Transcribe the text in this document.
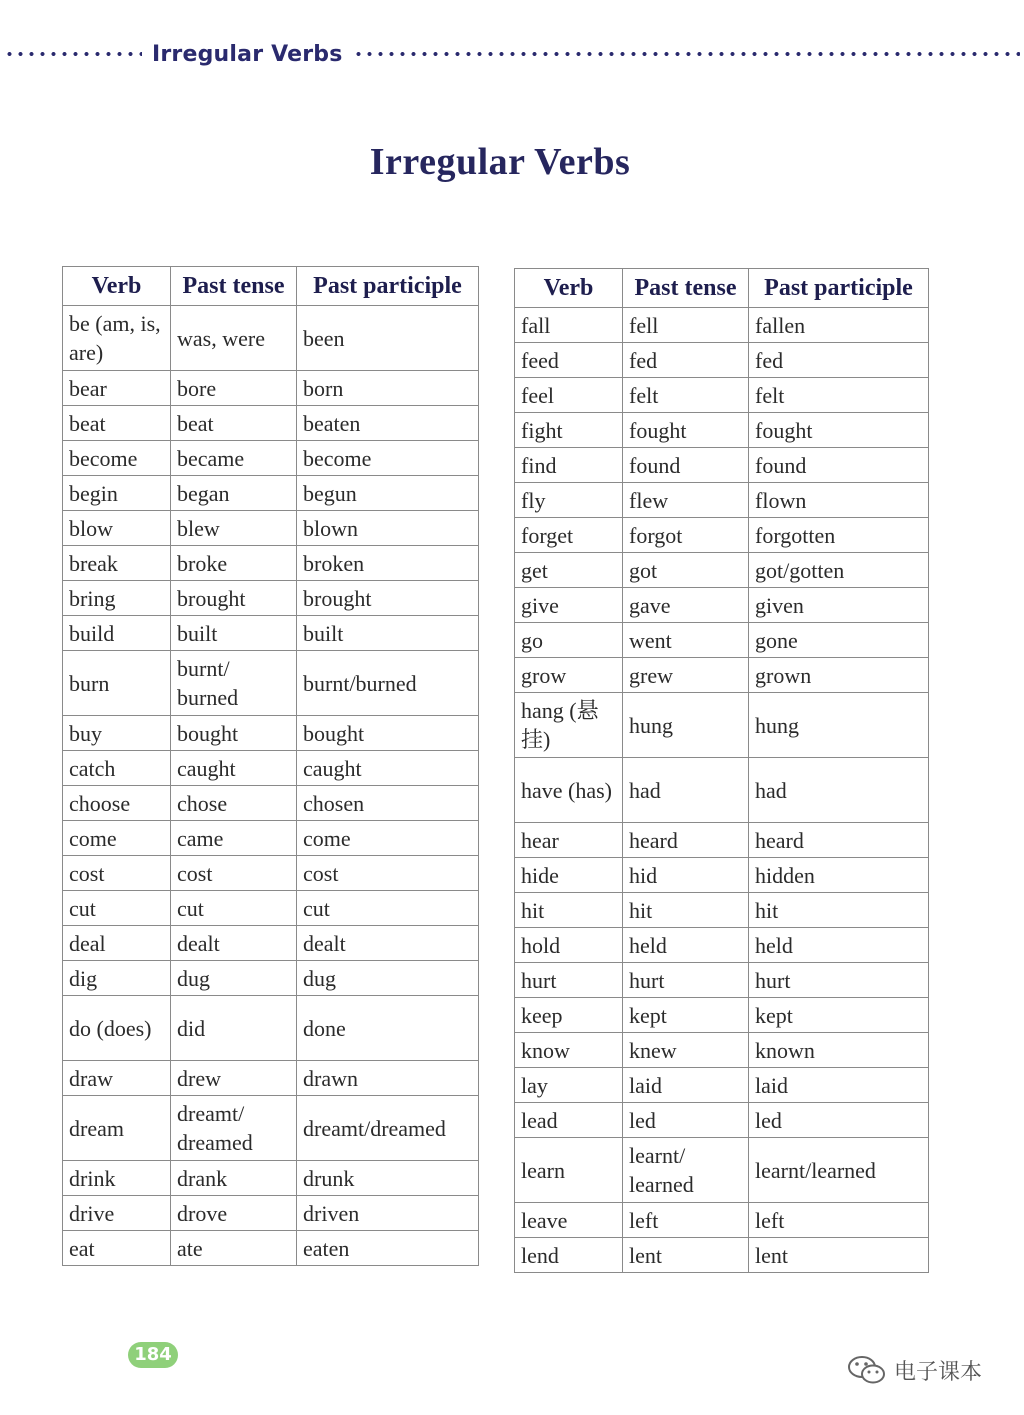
Irregular Verbs
Irregular Verbs
Verb	Past tense	Past participle
be (am, is, are)	was, were	been
bear	bore	born
beat	beat	beaten
become	became	become
begin	began	begun
blow	blew	blown
break	broke	broken
bring	brought	brought
build	built	built
burn	burnt/ burned	burnt/burned
buy	bought	bought
catch	caught	caught
choose	chose	chosen
come	came	come
cost	cost	cost
cut	cut	cut
deal	dealt	dealt
dig	dug	dug
do (does)	did	done
draw	drew	drawn
dream	dreamt/ dreamed	dreamt/dreamed
drink	drank	drunk
drive	drove	driven
eat	ate	eaten
Verb	Past tense	Past participle
fall	fell	fallen
feed	fed	fed
feel	felt	felt
fight	fought	fought
find	found	found
fly	flew	flown
forget	forgot	forgotten
get	got	got/gotten
give	gave	given
go	went	gone
grow	grew	grown
hang (悬挂)	hung	hung
have (has)	had	had
hear	heard	heard
hide	hid	hidden
hit	hit	hit
hold	held	held
hurt	hurt	hurt
keep	kept	kept
know	knew	known
lay	laid	laid
lead	led	led
learn	learnt/ learned	learnt/learned
leave	left	left
lend	lent	lent
184
电子课本
